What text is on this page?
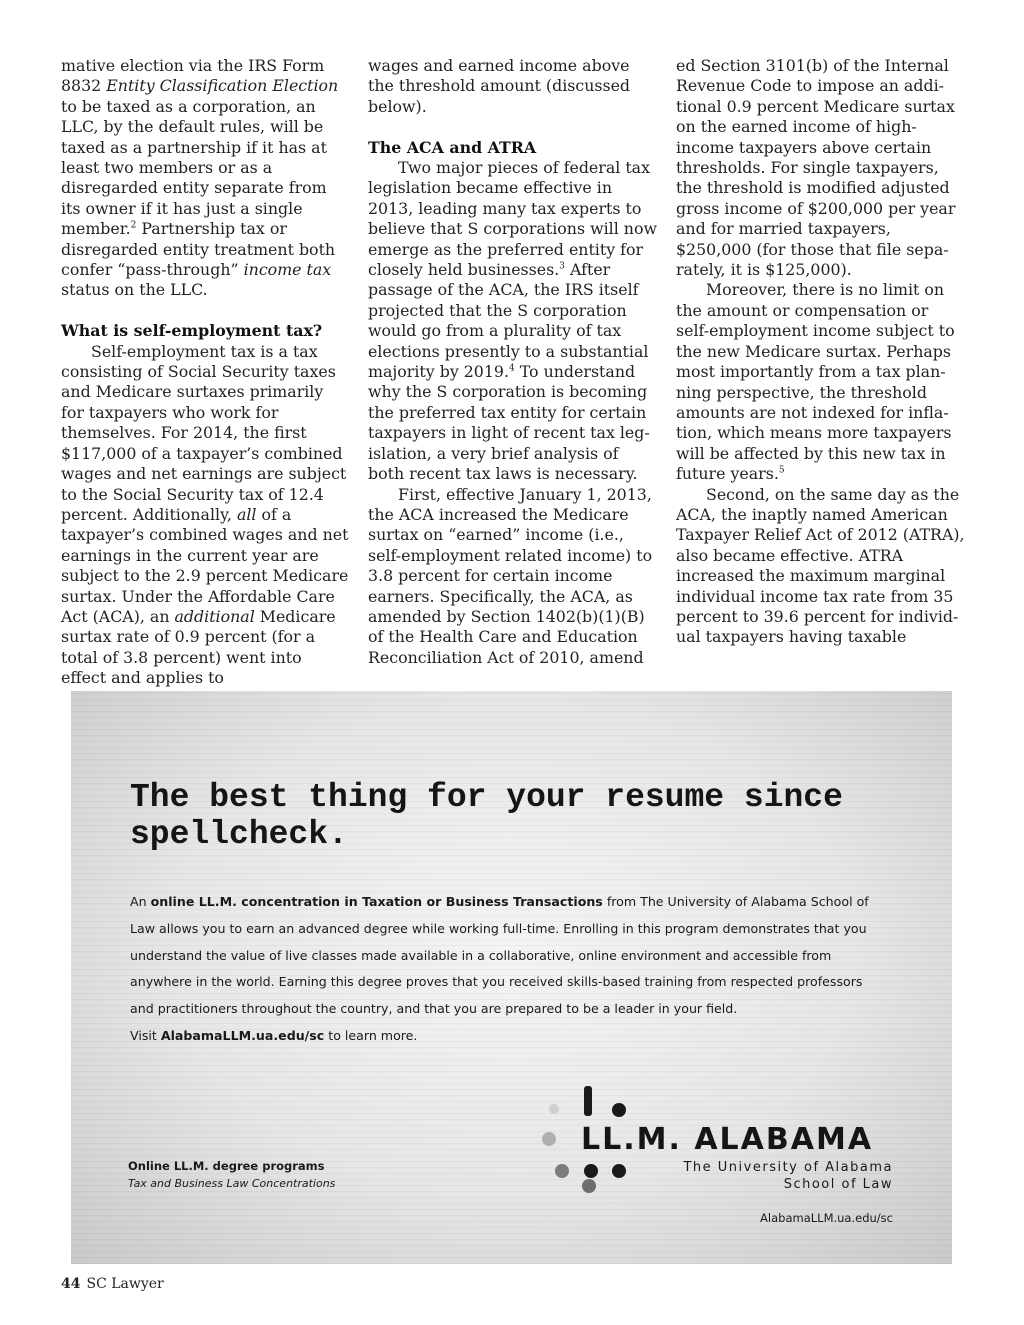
mative election via the IRS Form 8832 Entity Classification Election to be taxed as a corporation, an LLC, by the default rules, will be taxed as a partnership if it has at least two members or as a disregarded entity separate from its owner if it has just a single member.$^2$ Partnership tax or disregarded entity treatment both confer “pass-through” income tax status on the LLC.

What is self-employment tax?

Self-employment tax is a tax consisting of Social Security taxes and Medicare surtaxes primarily for taxpayers who work for themselves. For 2014, the first $117,000 of a taxpayer’s combined wages and net earnings are subject to the Social Security tax of 12.4 percent. Additionally, all of a taxpayer’s combined wages and net earnings in the current year are subject to the 2.9 percent Medicare surtax. Under the Affordable Care Act (ACA), an additional Medicare surtax rate of 0.9 percent (for a total of 3.8 percent) went into effect and applies to

wages and earned income above the threshold amount (discussed below).

The ACA and ATRA

Two major pieces of federal tax legislation became effective in 2013, leading many tax experts to believe that S corporations will now emerge as the preferred entity for closely held businesses.$^3$ After passage of the ACA, the IRS itself projected that the S corporation would go from a plurality of tax elections presently to a substantial majority by 2019.$^4$ To understand why the S corporation is becoming the preferred tax entity for certain taxpayers in light of recent tax legislation, a very brief analysis of both recent tax laws is necessary.

First, effective January 1, 2013, the ACA increased the Medicare surtax on “earned” income (i.e., self-employment related income) to 3.8 percent for certain income earners. Specifically, the ACA, as amended by Section 1402(b)(1)(B) of the Health Care and Education Reconciliation Act of 2010, amend

ed Section 3101(b) of the Internal Revenue Code to impose an additional 0.9 percent Medicare surtax on the earned income of high-income taxpayers above certain thresholds. For single taxpayers, the threshold is modified adjusted gross income of $200,000 per year and for married taxpayers, $250,000 (for those that file separately, it is $125,000).

Moreover, there is no limit on the amount or compensation or self-employment income subject to the new Medicare surtax. Perhaps most importantly from a tax planning perspective, the threshold amounts are not indexed for inflation, which means more taxpayers will be affected by this new tax in future years.$^5$

Second, on the same day as the ACA, the inaptly named American Taxpayer Relief Act of 2012 (ATRA), also became effective. ATRA increased the maximum marginal individual income tax rate from 35 percent to 39.6 percent for individual taxpayers having taxable

The best thing for your resume since spellcheck.

An online LL.M. concentration in Taxation or Business Transactions from The University of Alabama School of Law allows you to earn an advanced degree while working full-time. Enrolling in this program demonstrates that you understand the value of live classes made available in a collaborative, online environment and accessible from anywhere in the world. Earning this degree proves that you received skills-based training from respected professors and practitioners throughout the country, and that you are prepared to be a leader in your field.

Visit AlabamaLLM.ua.edu/sc to learn more.
Online LL.M. degree programs
Tax and Business Law Concentrations
LL.M. ALABAMA
The University of Alabama
School of Law
AlabamaLLM.ua.edu/sc
44 SC Lawyer
